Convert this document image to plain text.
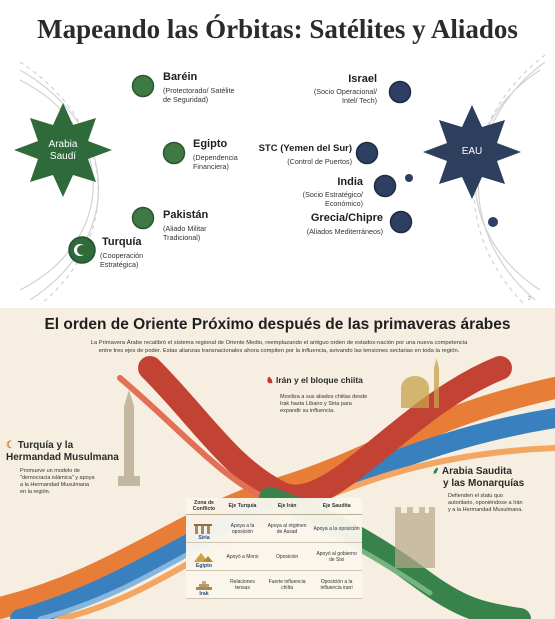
Mapeando las Órbitas: Satélites y Aliados
Arabia
Saudí	EAU
Baréin
(Protectorado/ Satélite
de Seguridad)
Egipto
(Dependencia
Financiera)
Pakistán
(Aliado Militar
Tradicional)
Turquía
(Cooperación
Estratégica)
Israel
(Socio Operacional/
Intel/ Tech)
STC (Yemen del Sur)
(Control de Puertos)
India
(Socio Estratégico/
Económico)
Grecia/Chipre
(Aliados Mediterráneos)
2
El orden de Oriente Próximo después de las primaveras árabes
La Primavera Árabe recalibró el sistema regional de Oriente Medio, reemplazando el antiguo orden de estados-nación por una nueva competencia
entre tres ejes de poder. Estas alianzas transnacionales ahora compiten por la influencia, avivando las tensiones sectarias en toda la región.
♞ Irán y el bloque chiita
Moviliza a sus aliados chiitas desde
Irak hasta Líbano y Siria para
expandir su influencia.
☾ Turquía y la
Hermandad Musulmana
Promueve un modelo de
"democracia islámica" y apoya
a la Hermandad Musulmana
en la región.
⸙ Arabia Saudita
y las Monarquías
Defienden el statu quo
autoritario, oponiéndose a Irán
y a la Hermandad Musulmana.
Zona de Conflicto	Eje Turquía	Eje Irán	Eje Saudita

Siria	Apoya a la oposición	Apoya al régimen de Assad	Apoya a la oposición

Egipto	Apoyó a Morsi	Oposición	Apoyó al gobierno de Sisi

Irak	Relaciones tensas	Fuerte influencia chiíta	Oposición a la influencia iraní
